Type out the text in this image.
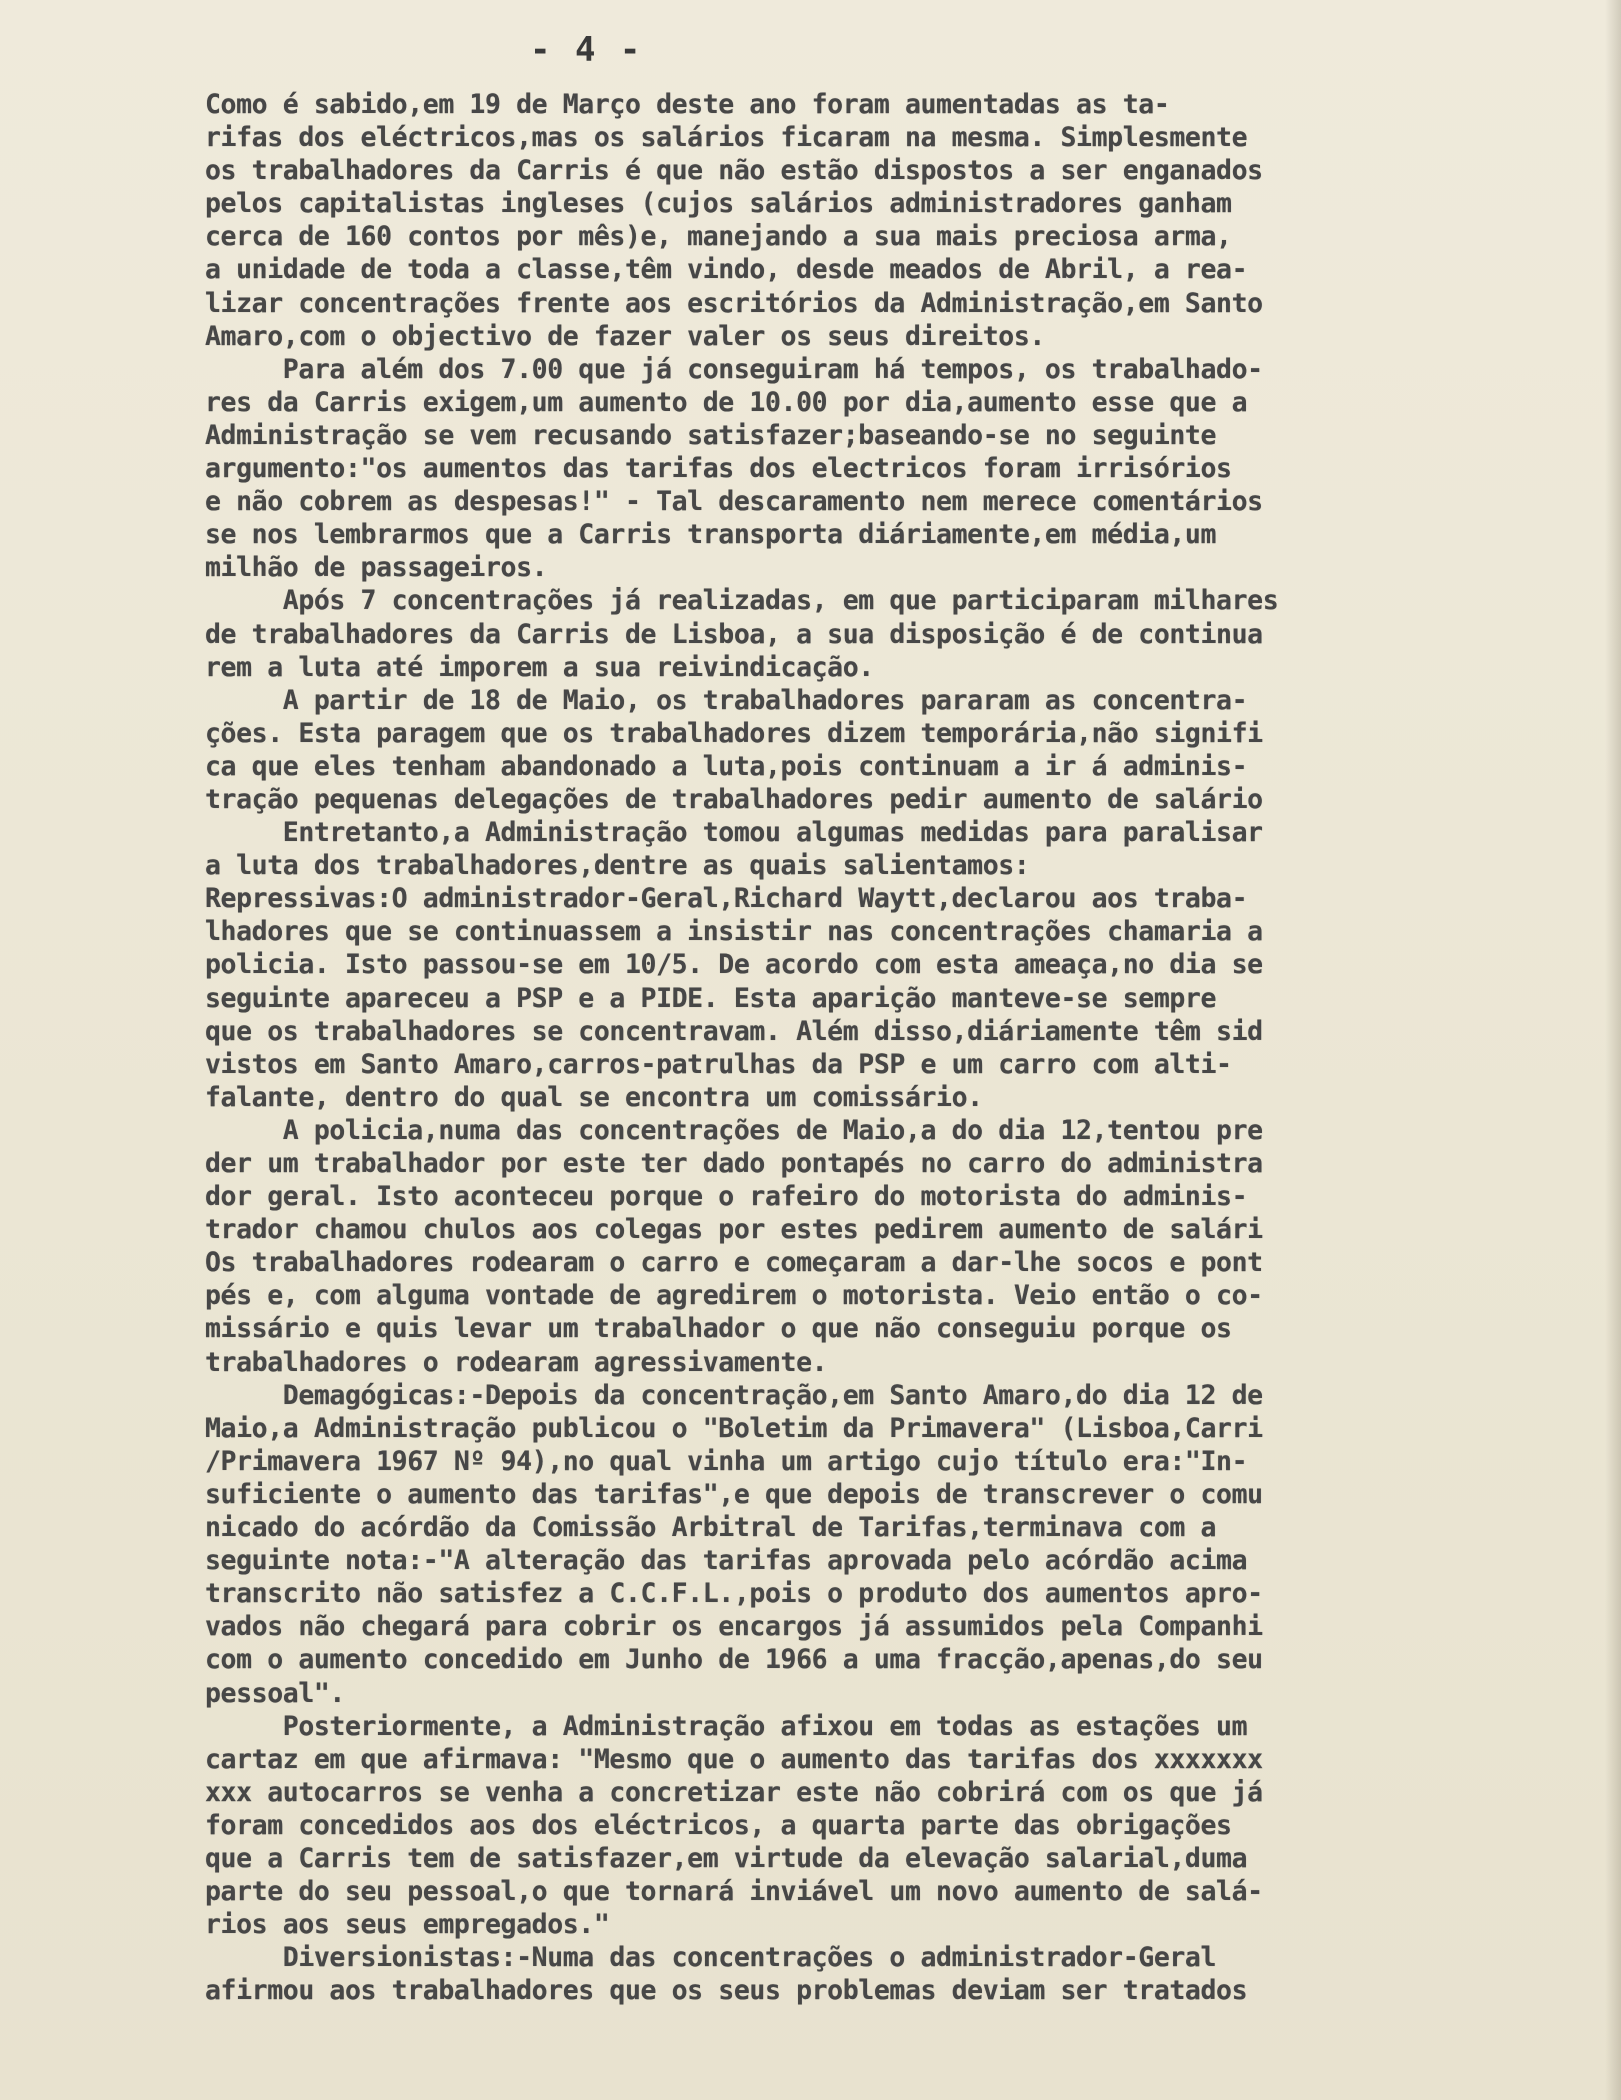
- 4 -
Como é sabido,em 19 de Março deste ano foram aumentadas as ta-
rifas dos eléctricos,mas os salários ficaram na mesma. Simplesmente
os trabalhadores da Carris é que não estão dispostos a ser enganados
pelos capitalistas ingleses (cujos salários administradores ganham
cerca de 160 contos por mês)e, manejando a sua mais preciosa arma,
a unidade de toda a classe,têm vindo, desde meados de Abril, a rea-
lizar concentrações frente aos escritórios da Administração,em Santo
Amaro,com o objectivo de fazer valer os seus direitos.
Para além dos 7.00 que já conseguiram há tempos, os trabalhado-
res da Carris exigem,um aumento de 10.00 por dia,aumento esse que a
Administração se vem recusando satisfazer;baseando-se no seguinte
argumento:"os aumentos das tarifas dos electricos foram irrisórios
e não cobrem as despesas!" - Tal descaramento nem merece comentários
se nos lembrarmos que a Carris transporta diáriamente,em média,um
milhão de passageiros.
Após 7 concentrações já realizadas, em que participaram milhares
de trabalhadores da Carris de Lisboa, a sua disposição é de continua
rem a luta até imporem a sua reivindicação.
A partir de 18 de Maio, os trabalhadores pararam as concentra-
ções. Esta paragem que os trabalhadores dizem temporária,não signifi
ca que eles tenham abandonado a luta,pois continuam a ir á adminis-
tração pequenas delegações de trabalhadores pedir aumento de salário
Entretanto,a Administração tomou algumas medidas para paralisar
a luta dos trabalhadores,dentre as quais salientamos:
Repressivas:O administrador-Geral,Richard Waytt,declarou aos traba-
lhadores que se continuassem a insistir nas concentrações chamaria a
policia. Isto passou-se em 10/5. De acordo com esta ameaça,no dia se
seguinte apareceu a PSP e a PIDE. Esta aparição manteve-se sempre
que os trabalhadores se concentravam. Além disso,diáriamente têm sid
vistos em Santo Amaro,carros-patrulhas da PSP e um carro com alti-
falante, dentro do qual se encontra um comissário.
A policia,numa das concentrações de Maio,a do dia 12,tentou pre
der um trabalhador por este ter dado pontapés no carro do administra
dor geral. Isto aconteceu porque o rafeiro do motorista do adminis-
trador chamou chulos aos colegas por estes pedirem aumento de salári
Os trabalhadores rodearam o carro e começaram a dar-lhe socos e pont
pés e, com alguma vontade de agredirem o motorista. Veio então o co-
missário e quis levar um trabalhador o que não conseguiu porque os
trabalhadores o rodearam agressivamente.
Demagógicas:-Depois da concentração,em Santo Amaro,do dia 12 de
Maio,a Administração publicou o "Boletim da Primavera" (Lisboa,Carri
/Primavera 1967 Nº 94),no qual vinha um artigo cujo título era:"In-
suficiente o aumento das tarifas",e que depois de transcrever o comu
nicado do acórdão da Comissão Arbitral de Tarifas,terminava com a
seguinte nota:-"A alteração das tarifas aprovada pelo acórdão acima
transcrito não satisfez a C.C.F.L.,pois o produto dos aumentos apro-
vados não chegará para cobrir os encargos já assumidos pela Companhi
com o aumento concedido em Junho de 1966 a uma fracção,apenas,do seu
pessoal".
Posteriormente, a Administração afixou em todas as estações um
cartaz em que afirmava: "Mesmo que o aumento das tarifas dos xxxxxxx
xxx autocarros se venha a concretizar este não cobrirá com os que já
foram concedidos aos dos eléctricos, a quarta parte das obrigações
que a Carris tem de satisfazer,em virtude da elevação salarial,duma
parte do seu pessoal,o que tornará inviável um novo aumento de salá-
rios aos seus empregados."
Diversionistas:-Numa das concentrações o administrador-Geral
afirmou aos trabalhadores que os seus problemas deviam ser tratados
